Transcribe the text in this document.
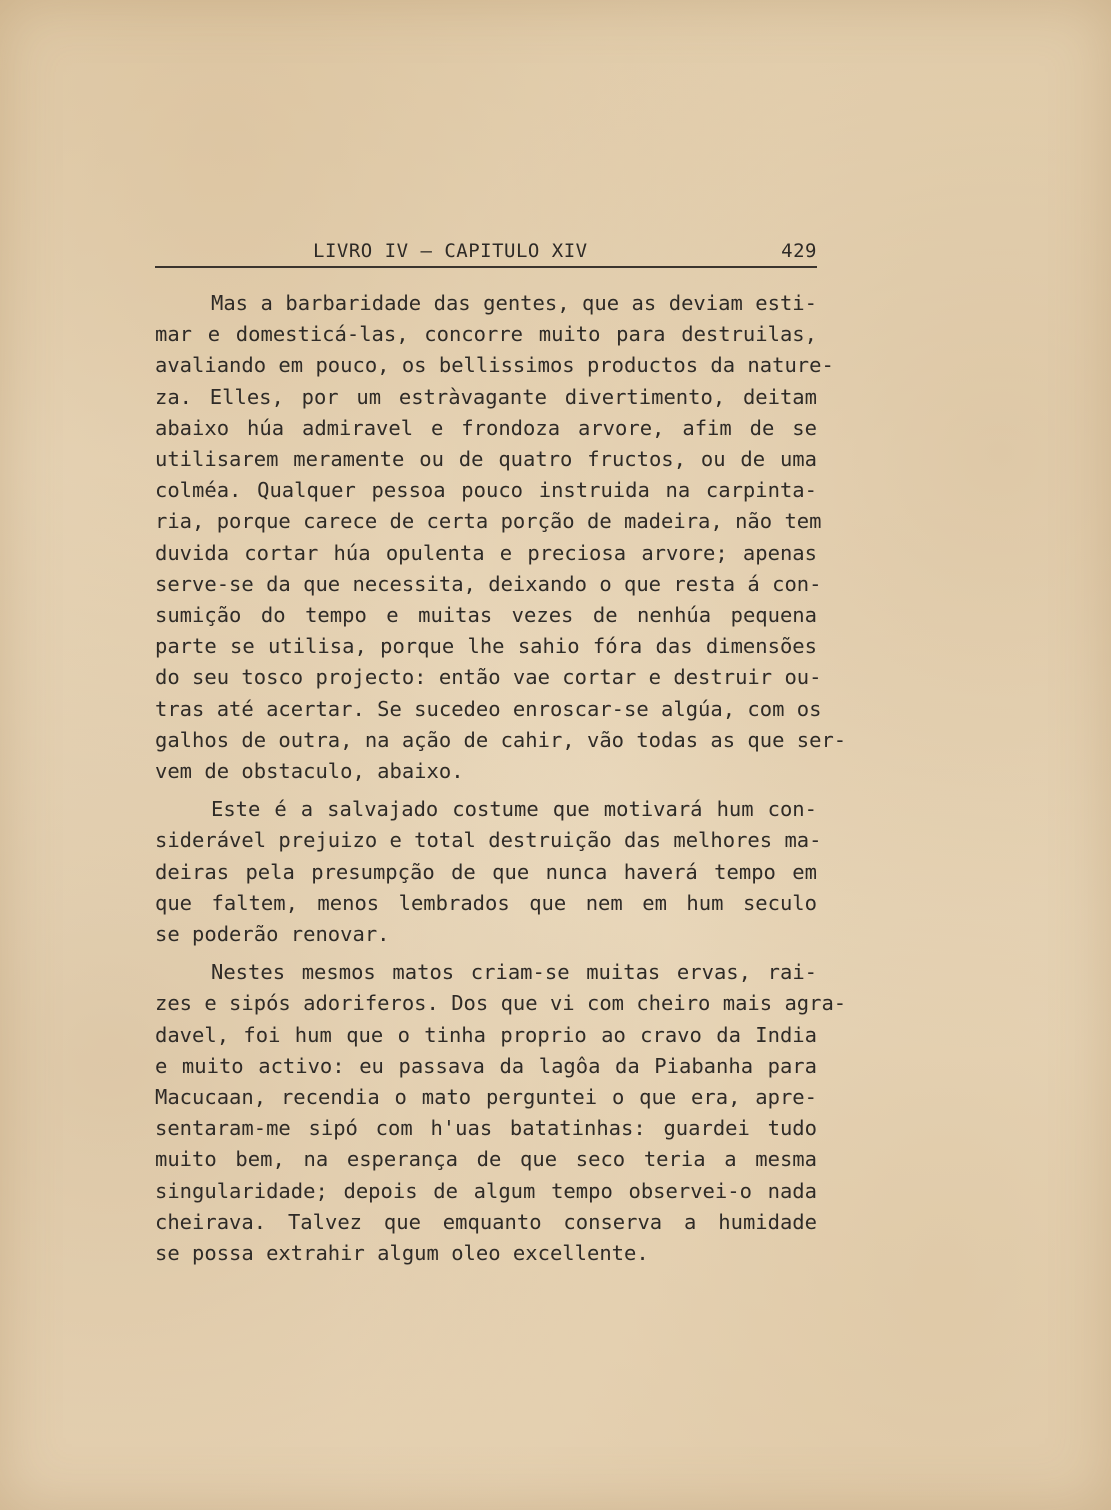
LIVRO IV — CAPITULO XIV	429
Mas a barbaridade das gentes, que as deviam esti-
mar e domesticá-las, concorre muito para destruilas,
avaliando em pouco, os bellissimos productos da nature-
za. Elles, por um estràvagante divertimento, deitam
abaixo húa admiravel e frondoza arvore, afim de se
utilisarem meramente ou de quatro fructos, ou de uma
colméa. Qualquer pessoa pouco instruida na carpinta-
ria, porque carece de certa porção de madeira, não tem
duvida cortar húa opulenta e preciosa arvore; apenas
serve-se da que necessita, deixando o que resta á con-
sumição do tempo e muitas vezes de nenhúa pequena
parte se utilisa, porque lhe sahio fóra das dimensões
do seu tosco projecto: então vae cortar e destruir ou-
tras até acertar. Se sucedeo enroscar-se algúa, com os
galhos de outra, na ação de cahir, vão todas as que ser-
vem de obstaculo, abaixo.
Este é a salvajado costume que motivará hum con-
siderável prejuizo e total destruição das melhores ma-
deiras pela presumpção de que nunca haverá tempo em
que faltem, menos lembrados que nem em hum seculo
se poderão renovar.
Nestes mesmos matos criam-se muitas ervas, rai-
zes e sipós adoriferos. Dos que vi com cheiro mais agra-
davel, foi hum que o tinha proprio ao cravo da India
e muito activo: eu passava da lagôa da Piabanha para
Macucaan, recendia o mato perguntei o que era, apre-
sentaram-me sipó com h'uas batatinhas: guardei tudo
muito bem, na esperança de que seco teria a mesma
singularidade; depois de algum tempo observei-o nada
cheirava. Talvez que emquanto conserva a humidade
se possa extrahir algum oleo excellente.
